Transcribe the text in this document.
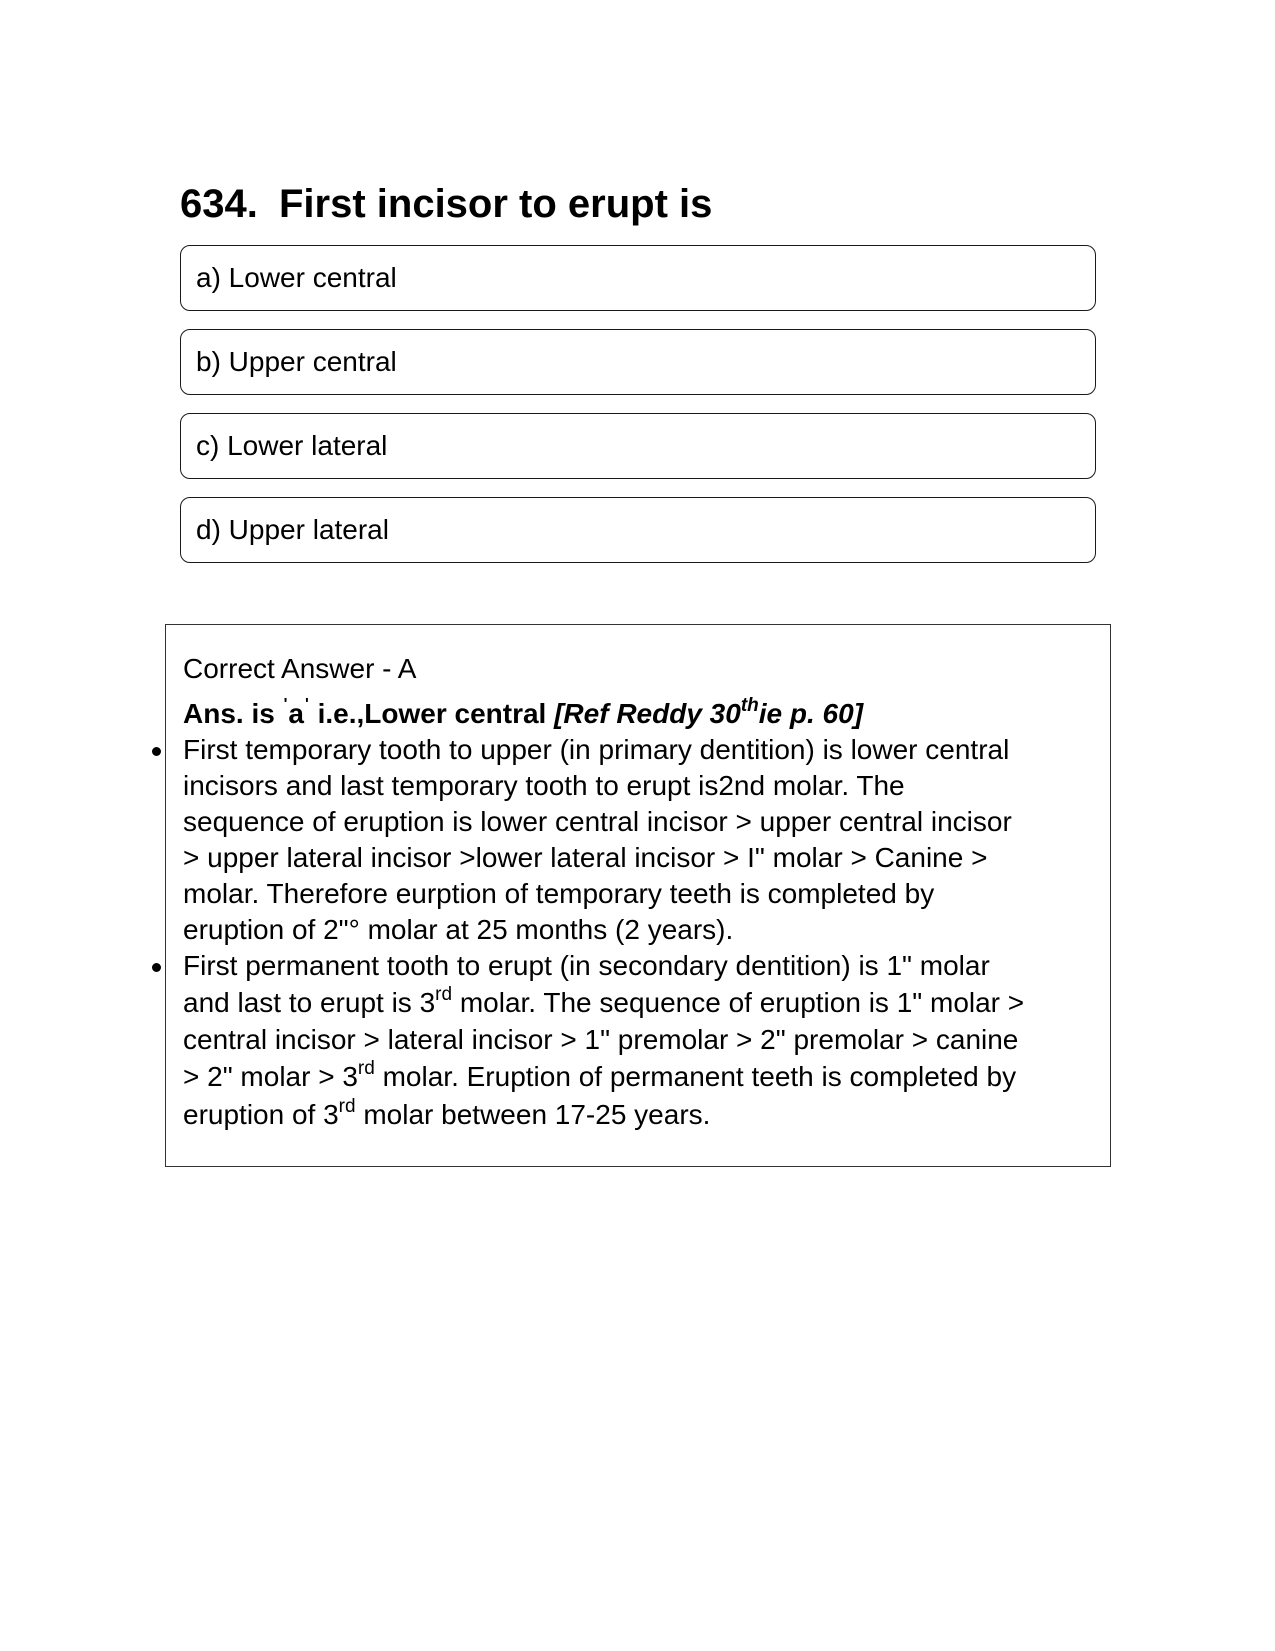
634. First incisor to erupt is
a) Lower central
b) Upper central
c) Lower lateral
d) Upper lateral
Correct Answer - A
Ans. is 'a' i.e.,Lower central [Ref Reddy 30thie p. 60]
First temporary tooth to upper (in primary dentition) is lower central
incisors and last temporary tooth to erupt is2nd molar. The
sequence of eruption is lower central incisor > upper central incisor
> upper lateral incisor >lower lateral incisor > I" molar > Canine >
molar. Therefore eurption of temporary teeth is completed by
eruption of 2"° molar at 25 months (2 years).
First permanent tooth to erupt (in secondary dentition) is 1" molar
and last to erupt is 3rd molar. The sequence of eruption is 1" molar >
central incisor > lateral incisor > 1" premolar > 2" premolar > canine
> 2" molar > 3rd molar. Eruption of permanent teeth is completed by
eruption of 3rd molar between 17-25 years.
